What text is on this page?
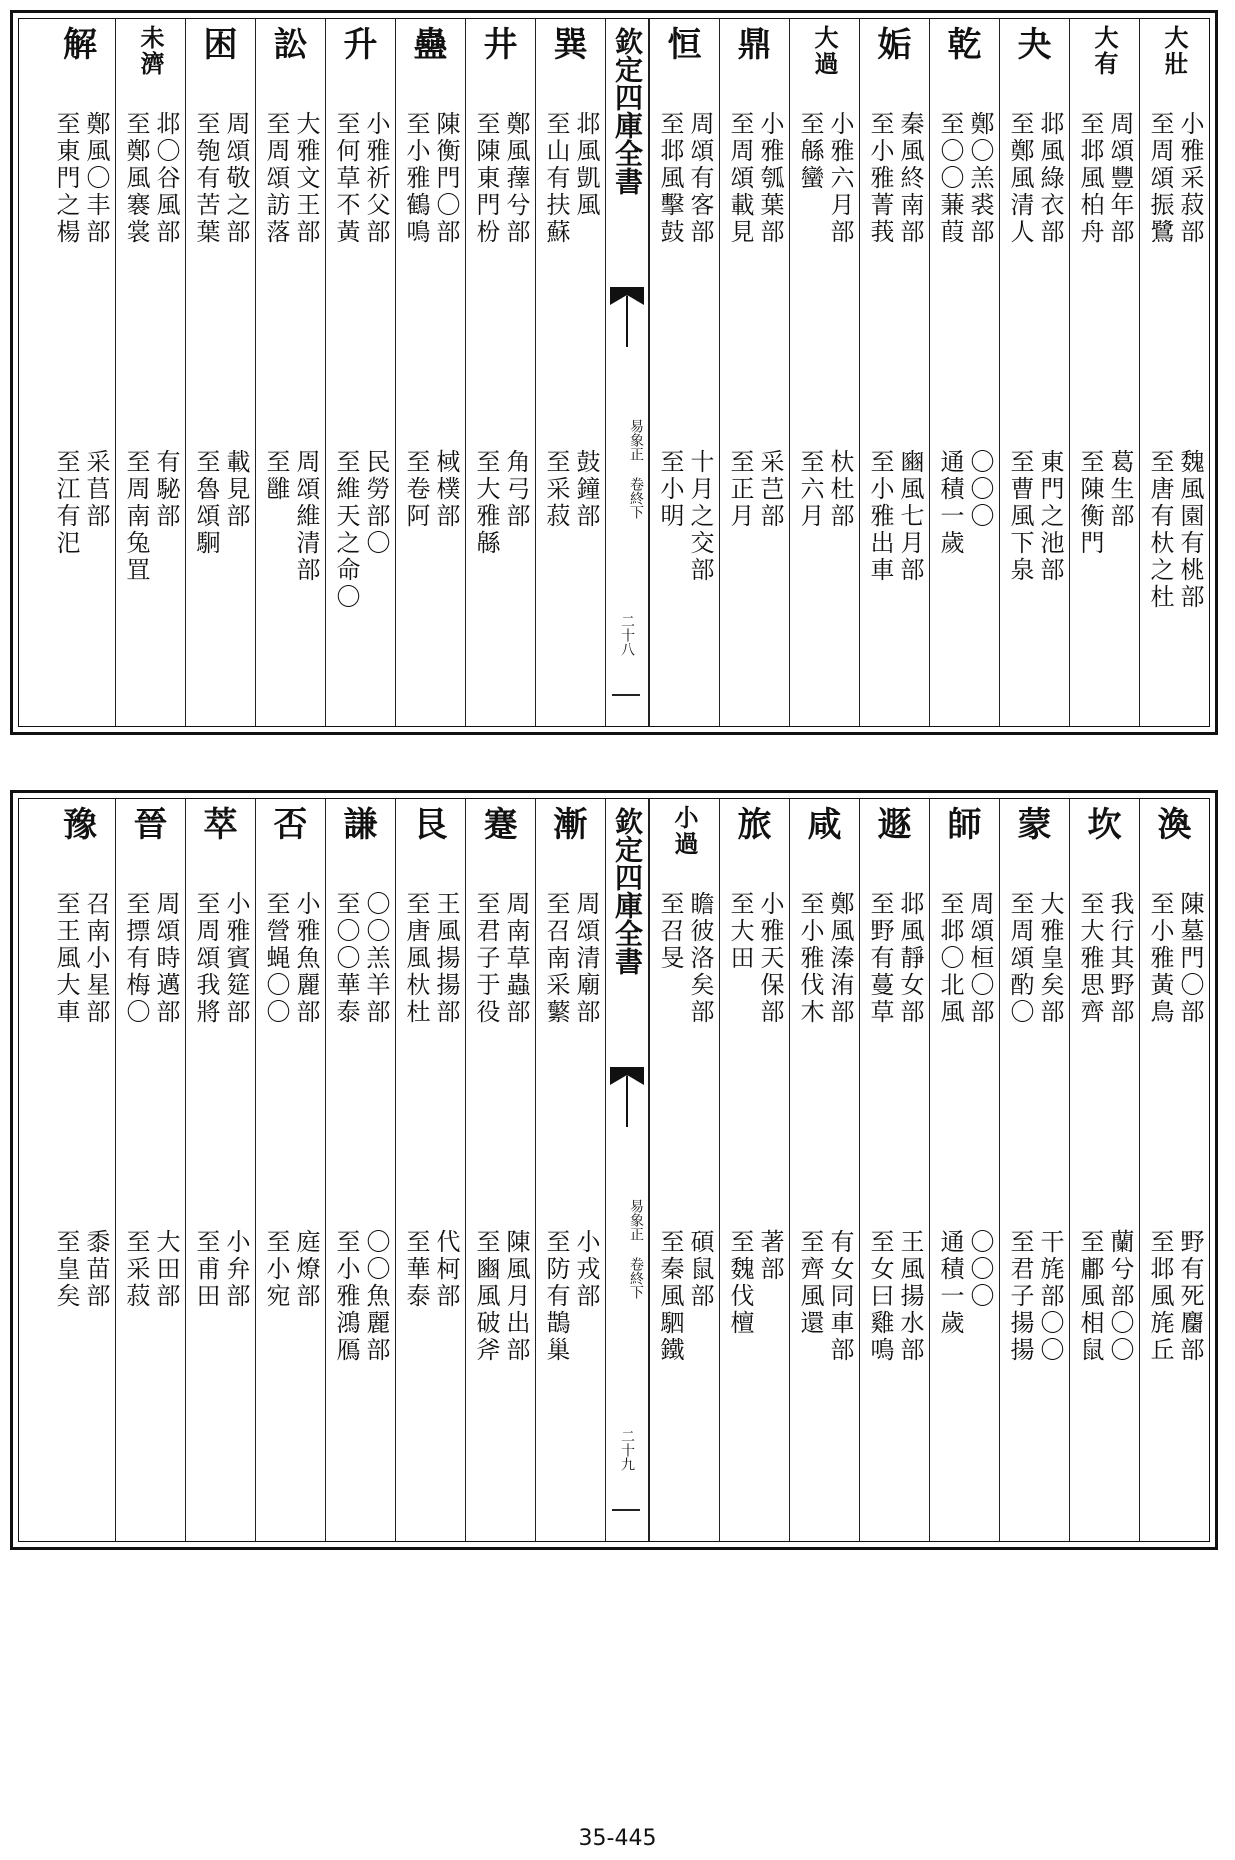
大壯
小雅采菽部
至周頌振鷺
魏風園有桃部
至唐有杕之杜
大有
周頌豐年部
至邶風柏舟
葛生部
至陳衡門
夬
邶風綠衣部
至鄭風清人
東門之池部
至曹風下泉
乾
鄭〇羔裘部
至〇〇蒹葭
〇〇〇
通積一歲
姤
秦風終南部
至小雅菁莪
豳風七月部
至小雅出車
大過
小雅六月部
至緜蠻
杕杜部
至六月
鼎
小雅瓠葉部
至周頌載見
采芑部
至正月
恒
周頌有客部
至邶風擊鼓
十月之交部
至小明
欽定四庫全書
易象正 卷終下
二十八
巽
邶風凱風
至山有扶蘇
鼓鐘部
至采菽
井
鄭風蘀兮部
至陳東門枌
角弓部
至大雅緜
蠱
陳衡門〇部
至小雅鶴鳴
棫樸部
至卷阿
升
小雅祈父部
至何草不黃
民勞部〇
至維天之命〇
訟
大雅文王部
至周頌訪落
周頌維清部
至雝
困
周頌敬之部
至匏有苦葉
載見部
至魯頌駉
未濟
邶〇谷風部
至鄭風褰裳
有駜部
至周南兔罝
解
鄭風〇丰部
至東門之楊
采苢部
至江有汜
渙
陳墓門〇部
至小雅黃鳥
野有死麕部
至邶風旄丘
坎
我行其野部
至大雅思齊
蘭兮部〇〇
至鄘風相鼠
蒙
大雅皇矣部
至周頌酌〇
干旄部〇〇
至君子揚揚
師
周頌桓〇部
至邶〇北風
〇〇〇
通積一歲
遯
邶風靜女部
至野有蔓草
王風揚水部
至女曰雞鳴
咸
鄭風溱洧部
至小雅伐木
有女同車部
至齊風還
旅
小雅天保部
至大田
著部
至魏伐檀
小過
瞻彼洛矣部
至召旻
碩鼠部
至秦風駟鐵
欽定四庫全書
易象正 卷終下
二十九
漸
周頌清廟部
至召南采蘩
小戎部
至防有鵲巢
蹇
周南草蟲部
至君子于役
陳風月出部
至豳風破斧
艮
王風揚揚部
至唐風杕杜
代柯部
至華泰
謙
〇〇羔羊部
至〇〇華泰
〇〇魚麗部
至小雅鴻鴈
否
小雅魚麗部
至營蝇〇〇
庭燎部
至小宛
萃
小雅賓筵部
至周頌我將
小弁部
至甫田
晉
周頌時邁部
至摽有梅〇
大田部
至采菽
豫
召南小星部
至王風大車
黍苗部
至皇矣
35-445
